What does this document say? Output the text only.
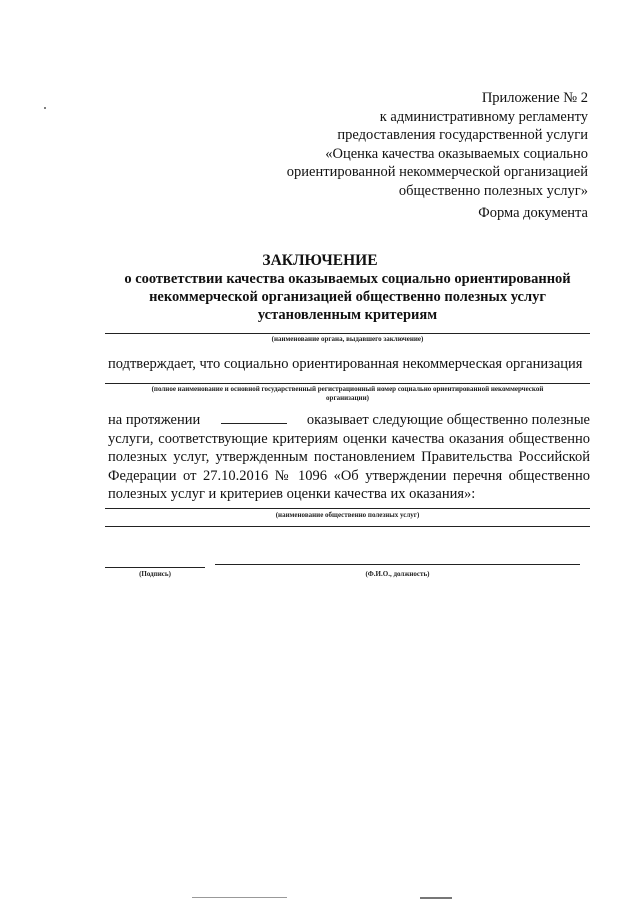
Приложение № 2
к административному регламенту
предоставления государственной услуги
«Оценка качества оказываемых социально
ориентированной некоммерческой организацией
общественно полезных услуг»
Форма документа
ЗАКЛЮЧЕНИЕ
о соответствии качества оказываемых социально ориентированной
некоммерческой организацией общественно полезных услуг
установленным критериям
(наименование органа, выдавшего заключение)
подтверждает, что социально ориентированная некоммерческая организация
(полное наименование и основной государственный регистрационный номер социально ориентированной некоммерческой
организации)
на протяжении	оказывает следующие общественно полезные
услуги, соответствующие критериям оценки качества оказания общественно полезных услуг, утвержденным постановлением Правительства Российской Федерации от 27.10.2016 № 1096 «Об утверждении перечня общественно полезных услуг и критериев оценки качества их оказания»:
(наименование общественно полезных услуг)
(Подпись)	(Ф.И.О., должность)
